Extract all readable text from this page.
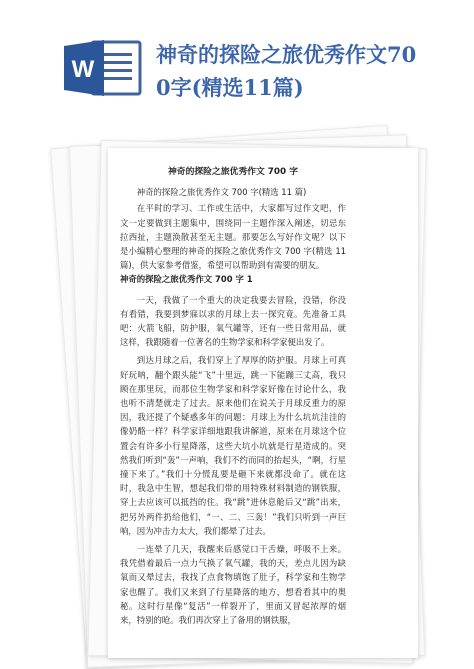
W
神奇的探险之旅优秀作文70
0字(精选11篇)
神奇的探险之旅优秀作文 700 字
神奇的探险之旅优秀作文 700 字(精选 11 篇)

在平时的学习、工作或生活中，大家都写过作文吧，作文一定要做到主题集中，围绕同一主题作深入阐述，切忌东拉西扯，主题涣散甚至无主题。那要怎么写好作文呢？以下是小编精心整理的神奇的探险之旅优秀作文 700 字(精选 11 篇)，供大家参考借鉴，希望可以帮助到有需要的朋友。

神奇的探险之旅优秀作文 700 字 1

一天，我做了一个重大的决定我要去冒险，没错，你没有看错，我要到梦寐以求的月球上去一探究竟。先准备工具吧：火箭飞船，防护服，氧气罐等，还有一些日常用品，就这样，我跟随着一位著名的生物学家和科学家便出发了。

到达月球之后，我们穿上了厚厚的防护服。月球上可真好玩呐，翻个跟头能“飞”十里远，跳一下能蹦三丈高，我只顾在那里玩，而那位生物学家和科学家好像在讨论什么，我也听不清楚就走了过去。原来他们在说关于月球反重力的原因，我还提了个疑惑多年的问题：月球上为什么坑坑洼洼的像奶酪一样？科学家详细地跟我讲解道，原来在月球这个位置会有许多小行星降落，这些大坑小坑就是行星造成的。突然我们听到“轰”一声响，我们不约而同的抬起头，“啊，行星撞下来了。”我们十分慌乱要是砸下来就都没命了。就在这时，我急中生智，想起我们带的用特殊材料制造的钢铁服，穿上去应该可以抵挡的住。我“跳”进休息舱后又“跳”出来，把另外两件扔给他们，“一、二、三轰！”我们只听到一声巨响，因为冲击力太大，我们都晕了过去。

一连晕了几天，我醒来后感觉口干舌燥，呼吸不上来。我凭借着最后一点力气换了氧气罐，我的天，差点儿因为缺氧而又晕过去，我找了点食物填饱了肚子，科学家和生物学家也醒了。我们又来到了行星降落的地方，想看看其中的奥秘。这时行星像“复活”一样裂开了，里面又冒起浓厚的烟来，特别的呛。我们再次穿上了备用的钢铁服，
